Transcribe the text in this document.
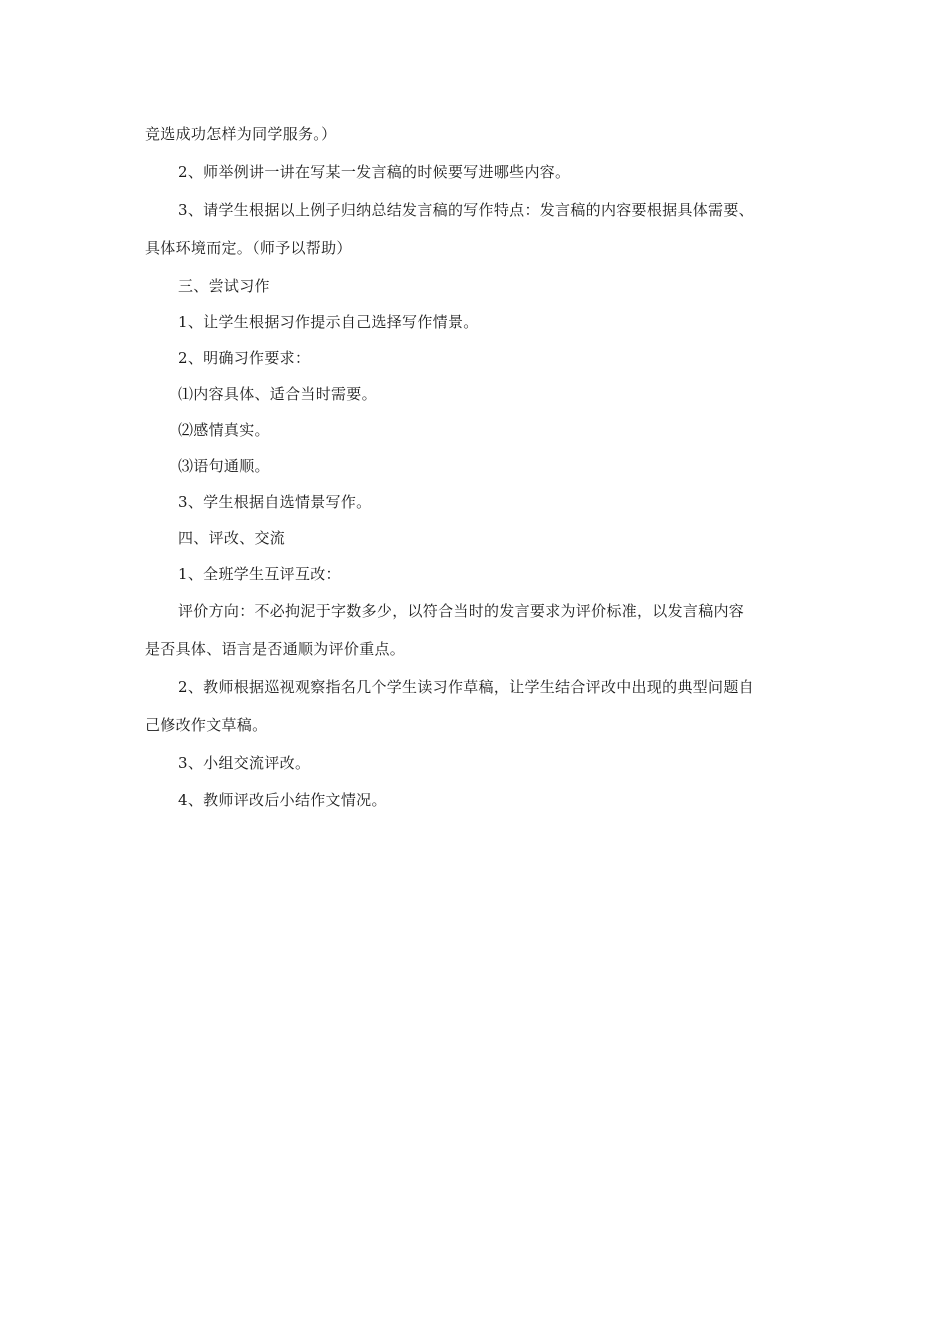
竞选成功怎样为同学服务。）
2、师举例讲一讲在写某一发言稿的时候要写进哪些内容。
3、请学生根据以上例子归纳总结发言稿的写作特点：发言稿的内容要根据具体需要、
具体环境而定。（师予以帮助）
三、尝试习作
1、让学生根据习作提示自己选择写作情景。
2、明确习作要求：
⑴内容具体、适合当时需要。
⑵感情真实。
⑶语句通顺。
3、学生根据自选情景写作。
四、评改、交流
1、全班学生互评互改：
评价方向：不必拘泥于字数多少，以符合当时的发言要求为评价标准，以发言稿内容
是否具体、语言是否通顺为评价重点。
2、教师根据巡视观察指名几个学生读习作草稿，让学生结合评改中出现的典型问题自
己修改作文草稿。
3、小组交流评改。
4、教师评改后小结作文情况。
